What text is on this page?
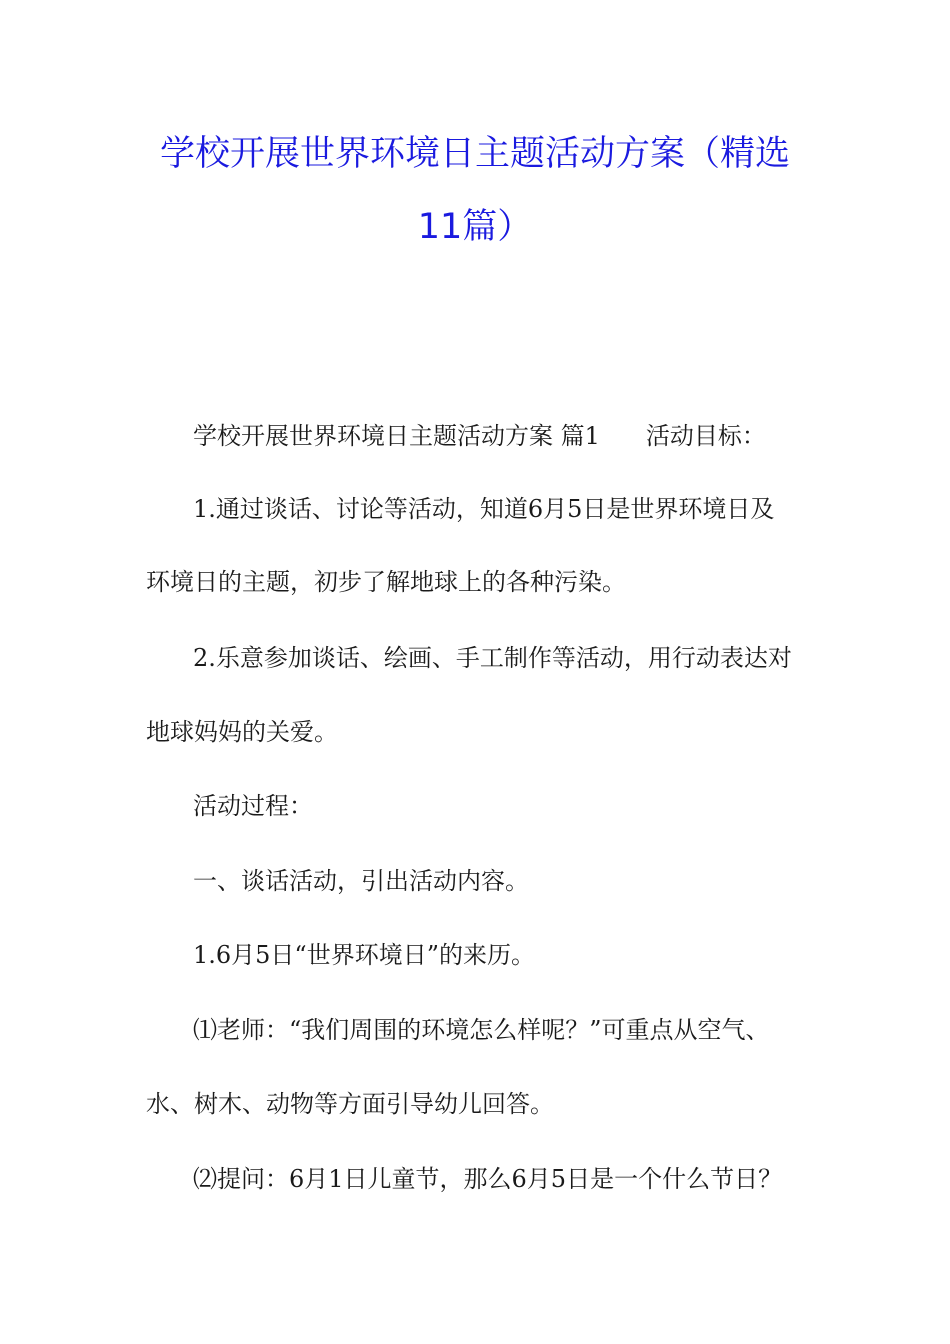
学校开展世界环境日主题活动方案（精选
11篇）
学校开展世界环境日主题活动方案 篇1 活动目标：
1.通过谈话、讨论等活动，知道6月5日是世界环境日及
环境日的主题，初步了解地球上的各种污染。
2.乐意参加谈话、绘画、手工制作等活动，用行动表达对
地球妈妈的关爱。
活动过程：
一、谈话活动，引出活动内容。
1.6月5日“世界环境日”的来历。
⑴老师：“我们周围的环境怎么样呢？”可重点从空气、
水、树木、动物等方面引导幼儿回答。
⑵提问：6月1日儿童节，那么6月5日是一个什么节日？
